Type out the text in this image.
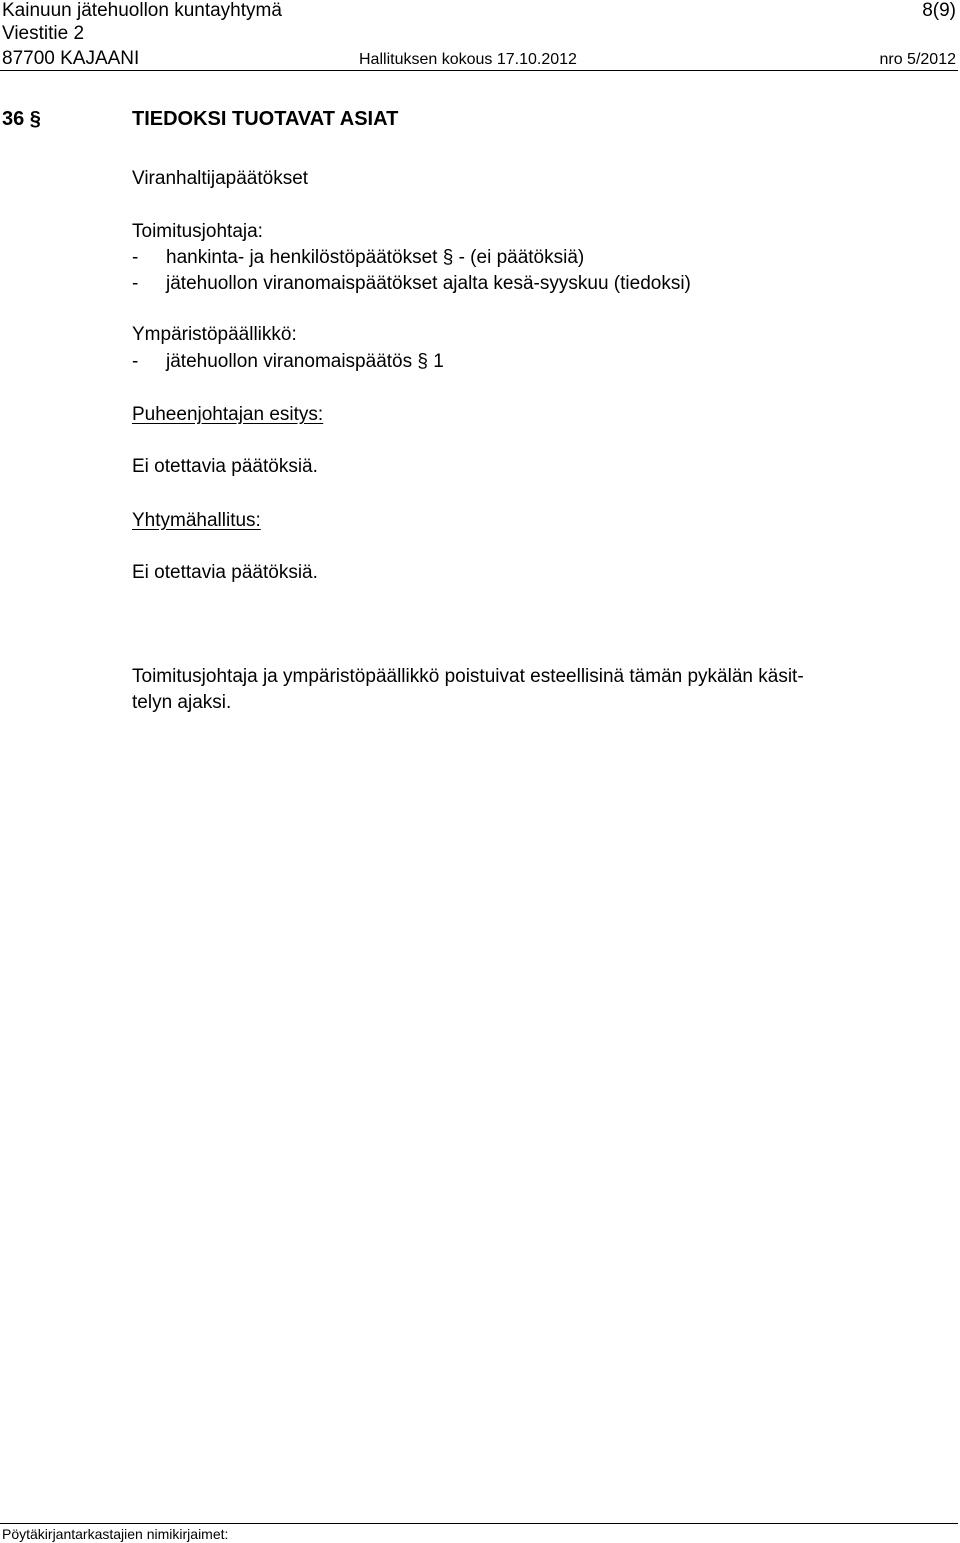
Kainuun jätehuollon kuntayhtymä	8(9)
Viestitie 2
87700 KAJAANI	Hallituksen kokous 17.10.2012	nro 5/2012
36 §	TIEDOKSI TUOTAVAT ASIAT
Viranhaltijapäätökset
Toimitusjohtaja:
- hankinta- ja henkilöstöpäätökset § - (ei päätöksiä)
- jätehuollon viranomaispäätökset ajalta kesä-syyskuu (tiedoksi)
Ympäristöpäällikkö:
- jätehuollon viranomaispäätös § 1
Puheenjohtajan esitys:
Ei otettavia päätöksiä.
Yhtymähallitus:
Ei otettavia päätöksiä.
Toimitusjohtaja ja ympäristöpäällikkö poistuivat esteellisinä tämän pykälän käsit-
telyn ajaksi.
Pöytäkirjantarkastajien nimikirjaimet:
